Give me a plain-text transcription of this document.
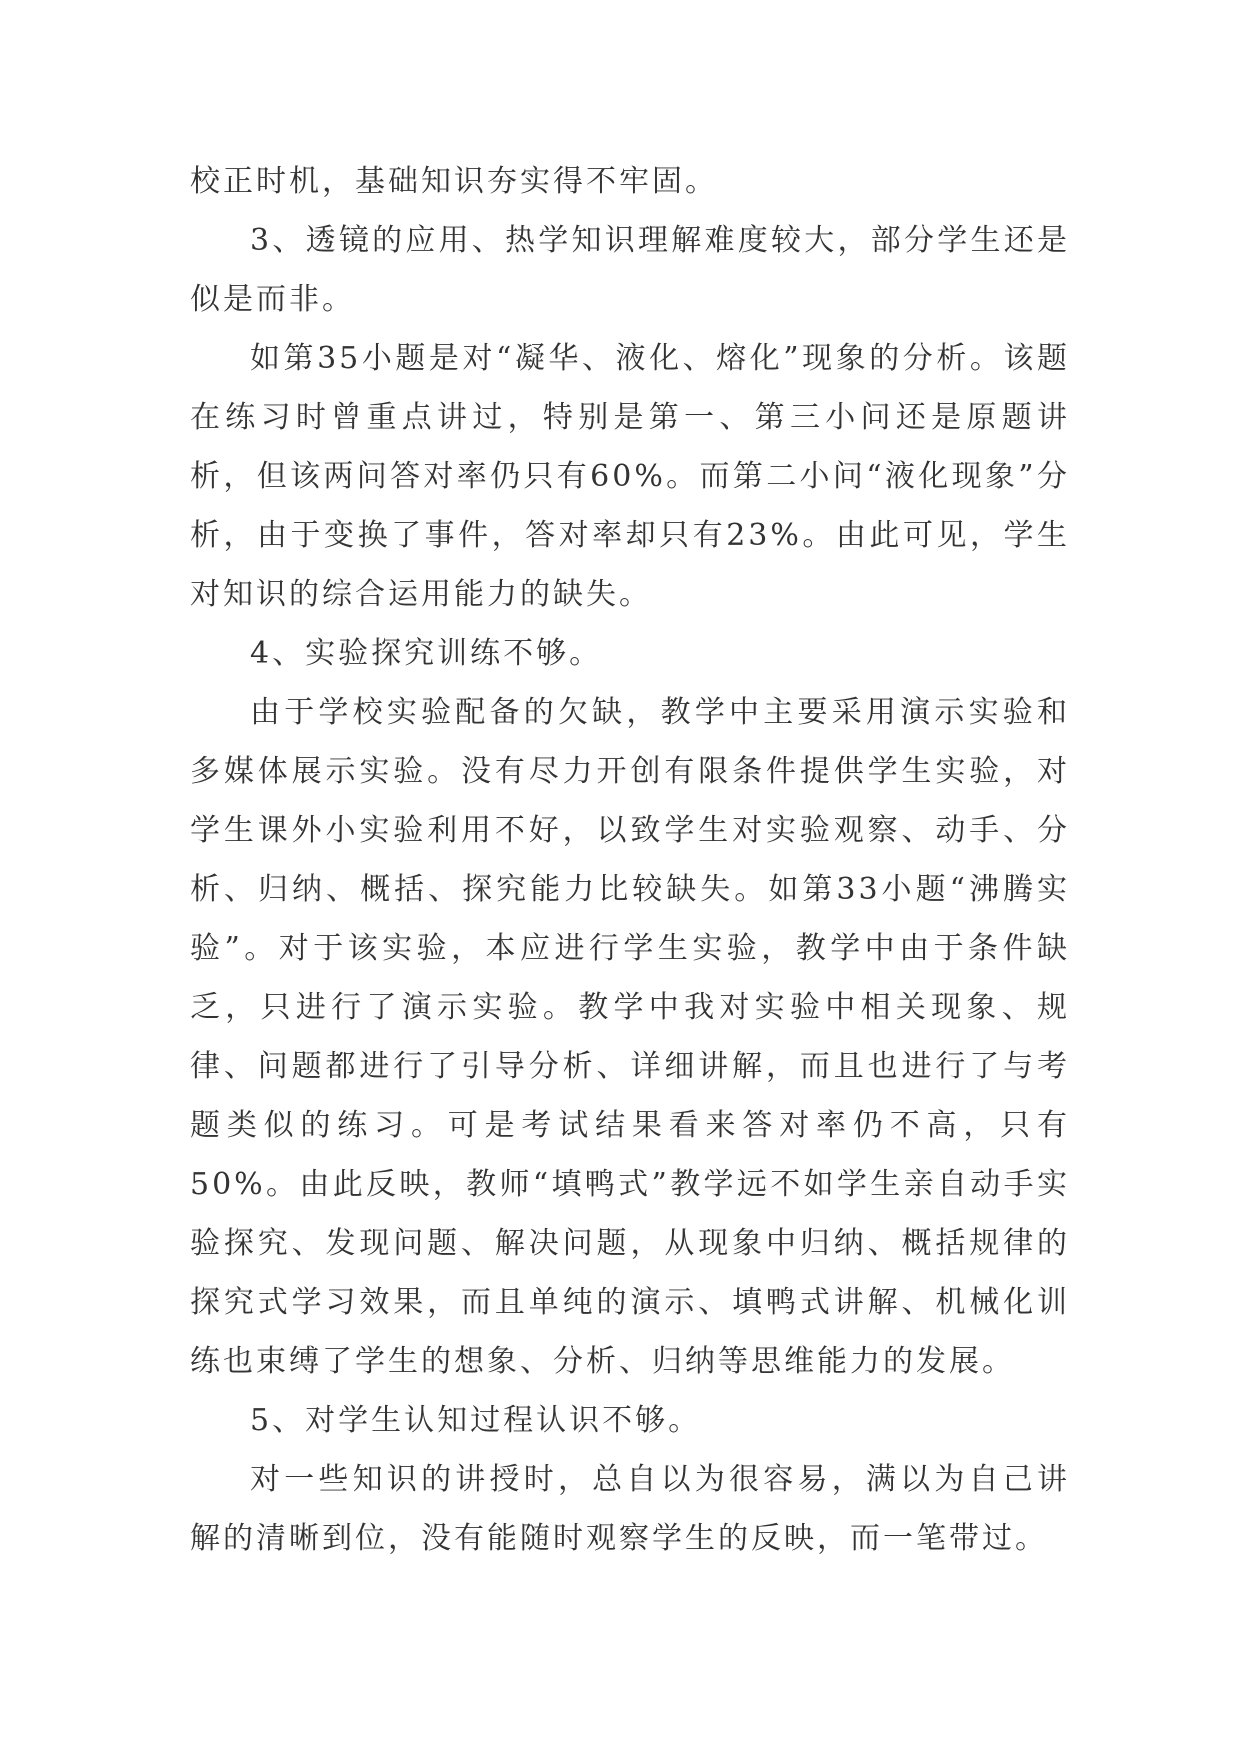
校正时机，基础知识夯实得不牢固。

3、透镜的应用、热学知识理解难度较大，部分学生还是似是而非。

如第35小题是对“凝华、液化、熔化”现象的分析。该题在练习时曾重点讲过，特别是第一、第三小问还是原题讲析，但该两问答对率仍只有60%。而第二小问“液化现象”分析，由于变换了事件，答对率却只有23%。由此可见，学生对知识的综合运用能力的缺失。

4、实验探究训练不够。

由于学校实验配备的欠缺，教学中主要采用演示实验和多媒体展示实验。没有尽力开创有限条件提供学生实验，对学生课外小实验利用不好，以致学生对实验观察、动手、分析、归纳、概括、探究能力比较缺失。如第33小题“沸腾实验”。对于该实验，本应进行学生实验，教学中由于条件缺乏，只进行了演示实验。教学中我对实验中相关现象、规律、问题都进行了引导分析、详细讲解，而且也进行了与考题类似的练习。可是考试结果看来答对率仍不高，只有50%。由此反映，教师“填鸭式”教学远不如学生亲自动手实验探究、发现问题、解决问题，从现象中归纳、概括规律的探究式学习效果，而且单纯的演示、填鸭式讲解、机械化训练也束缚了学生的想象、分析、归纳等思维能力的发展。

5、对学生认知过程认识不够。

对一些知识的讲授时，总自以为很容易，满以为自己讲解的清晰到位，没有能随时观察学生的反映，而一笔带过。
